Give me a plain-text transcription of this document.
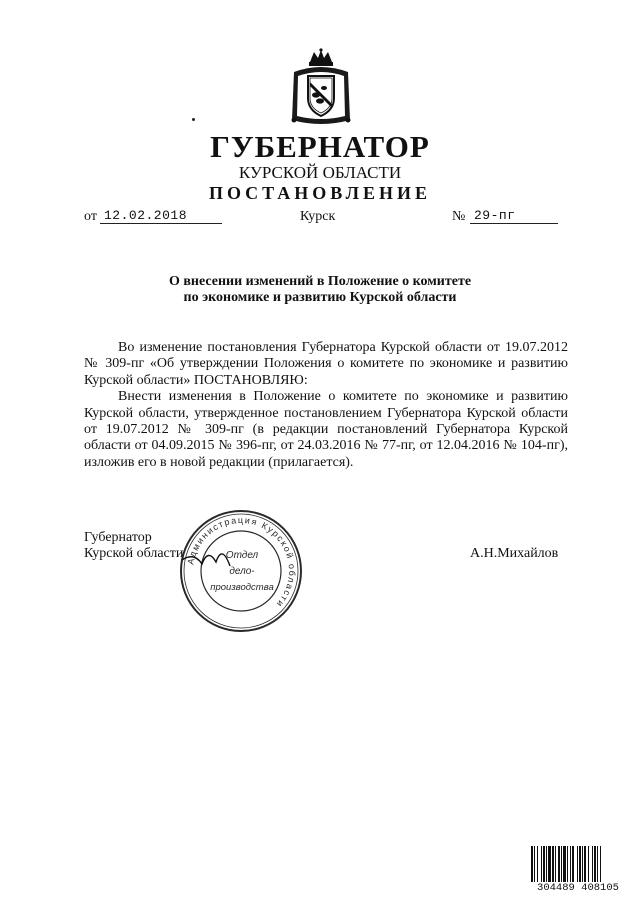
ГУБЕРНАТОР
КУРСКОЙ ОБЛАСТИ
ПОСТАНОВЛЕНИЕ
от 12.02.2018	Курск	№ 29-пг
О внесении изменений в Положение о комитете
по экономике и развитию Курской области

Во изменение постановления Губернатора Курской области от 19.07.2012 № 309-пг «Об утверждении Положения о комитете по экономике и развитию Курской области» ПОСТАНОВЛЯЮ:

Внести изменения в Положение о комитете по экономике и развитию Курской области, утвержденное постановлением Губернатора Курской области от 19.07.2012 № 309-пг (в редакции постановлений Губернатора Курской области от 04.09.2015 № 396-пг, от 24.03.2016 № 77-пг, от 12.04.2016 № 104-пг), изложив его в новой редакции (прилагается).

Губернатор
Курской области	А.Н.Михайлов
Администрация Курской области
Отдел
дело-
производства
304489 408105
